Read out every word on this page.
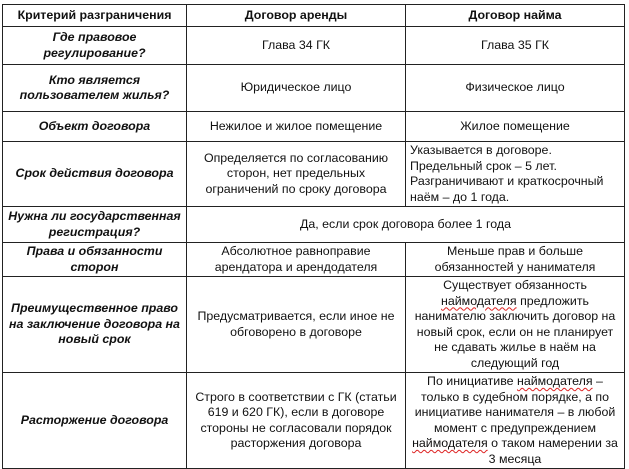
Критерий разграничения	Договор аренды	Договор найма
Где правовое регулирование?	Глава 34 ГК	Глава 35 ГК
Кто является пользователем жилья?	Юридическое лицо	Физическое лицо
Объект договора	Нежилое и жилое помещение	Жилое помещение
Срок действия договора	Определяется по согласованию сторон, нет предельных ограничений по сроку договора	Указывается в договоре. Предельный срок – 5 лет. Разграничивают и краткосрочный наём – до 1 года.
Нужна ли государственная регистрация?	Да, если срок договора более 1 года	
Права и обязанности сторон	Абсолютное равноправие арендатора и арендодателя	Меньше прав и больше обязанностей у нанимателя
Преимущественное право на заключение договора на новый срок	Предусматривается, если иное не обговорено в договоре	Существует обязанность наймодателя предложить нанимателю заключить договор на новый срок, если он не планирует не сдавать жилье в наём на следующий год
Расторжение договора	Строго в соответствии с ГК (статьи 619 и 620 ГК), если в договоре стороны не согласовали порядок расторжения договора	По инициативе наймодателя – только в судебном порядке, а по инициативе нанимателя – в любой момент с предупреждением наймодателя о таком намерении за 3 месяца
